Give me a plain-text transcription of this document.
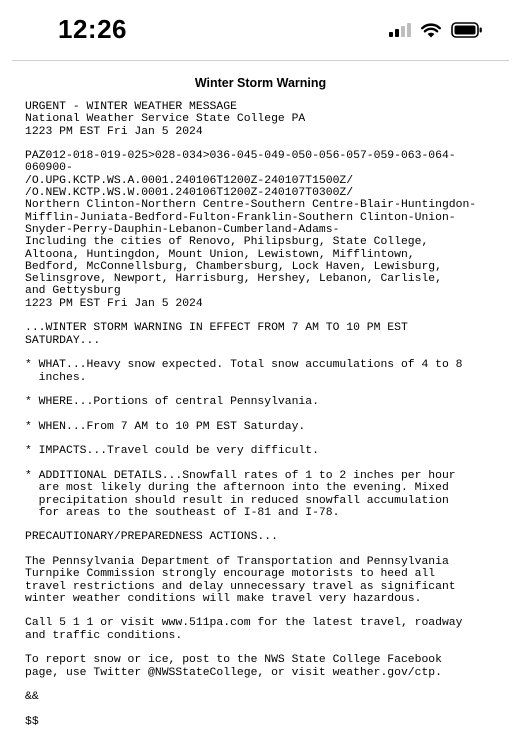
12:26
Winter Storm Warning
URGENT - WINTER WEATHER MESSAGE
National Weather Service State College PA
1223 PM EST Fri Jan 5 2024

PAZ012-018-019-025>028-034>036-045-049-050-056-057-059-063-064-
060900-
/O.UPG.KCTP.WS.A.0001.240106T1200Z-240107T1500Z/
/O.NEW.KCTP.WS.W.0001.240106T1200Z-240107T0300Z/
Northern Clinton-Northern Centre-Southern Centre-Blair-Huntingdon-
Mifflin-Juniata-Bedford-Fulton-Franklin-Southern Clinton-Union-
Snyder-Perry-Dauphin-Lebanon-Cumberland-Adams-
Including the cities of Renovo, Philipsburg, State College,
Altoona, Huntingdon, Mount Union, Lewistown, Mifflintown,
Bedford, McConnellsburg, Chambersburg, Lock Haven, Lewisburg,
Selinsgrove, Newport, Harrisburg, Hershey, Lebanon, Carlisle,
and Gettysburg
1223 PM EST Fri Jan 5 2024

...WINTER STORM WARNING IN EFFECT FROM 7 AM TO 10 PM EST
SATURDAY...

* WHAT...Heavy snow expected. Total snow accumulations of 4 to 8
inches.

* WHERE...Portions of central Pennsylvania.

* WHEN...From 7 AM to 10 PM EST Saturday.

* IMPACTS...Travel could be very difficult.

* ADDITIONAL DETAILS...Snowfall rates of 1 to 2 inches per hour
are most likely during the afternoon into the evening. Mixed
precipitation should result in reduced snowfall accumulation
for areas to the southeast of I-81 and I-78.

PRECAUTIONARY/PREPAREDNESS ACTIONS...

The Pennsylvania Department of Transportation and Pennsylvania
Turnpike Commission strongly encourage motorists to heed all
travel restrictions and delay unnecessary travel as significant
winter weather conditions will make travel very hazardous.

Call 5 1 1 or visit www.511pa.com for the latest travel, roadway
and traffic conditions.

To report snow or ice, post to the NWS State College Facebook
page, use Twitter @NWSStateCollege, or visit weather.gov/ctp.

&&

$$
